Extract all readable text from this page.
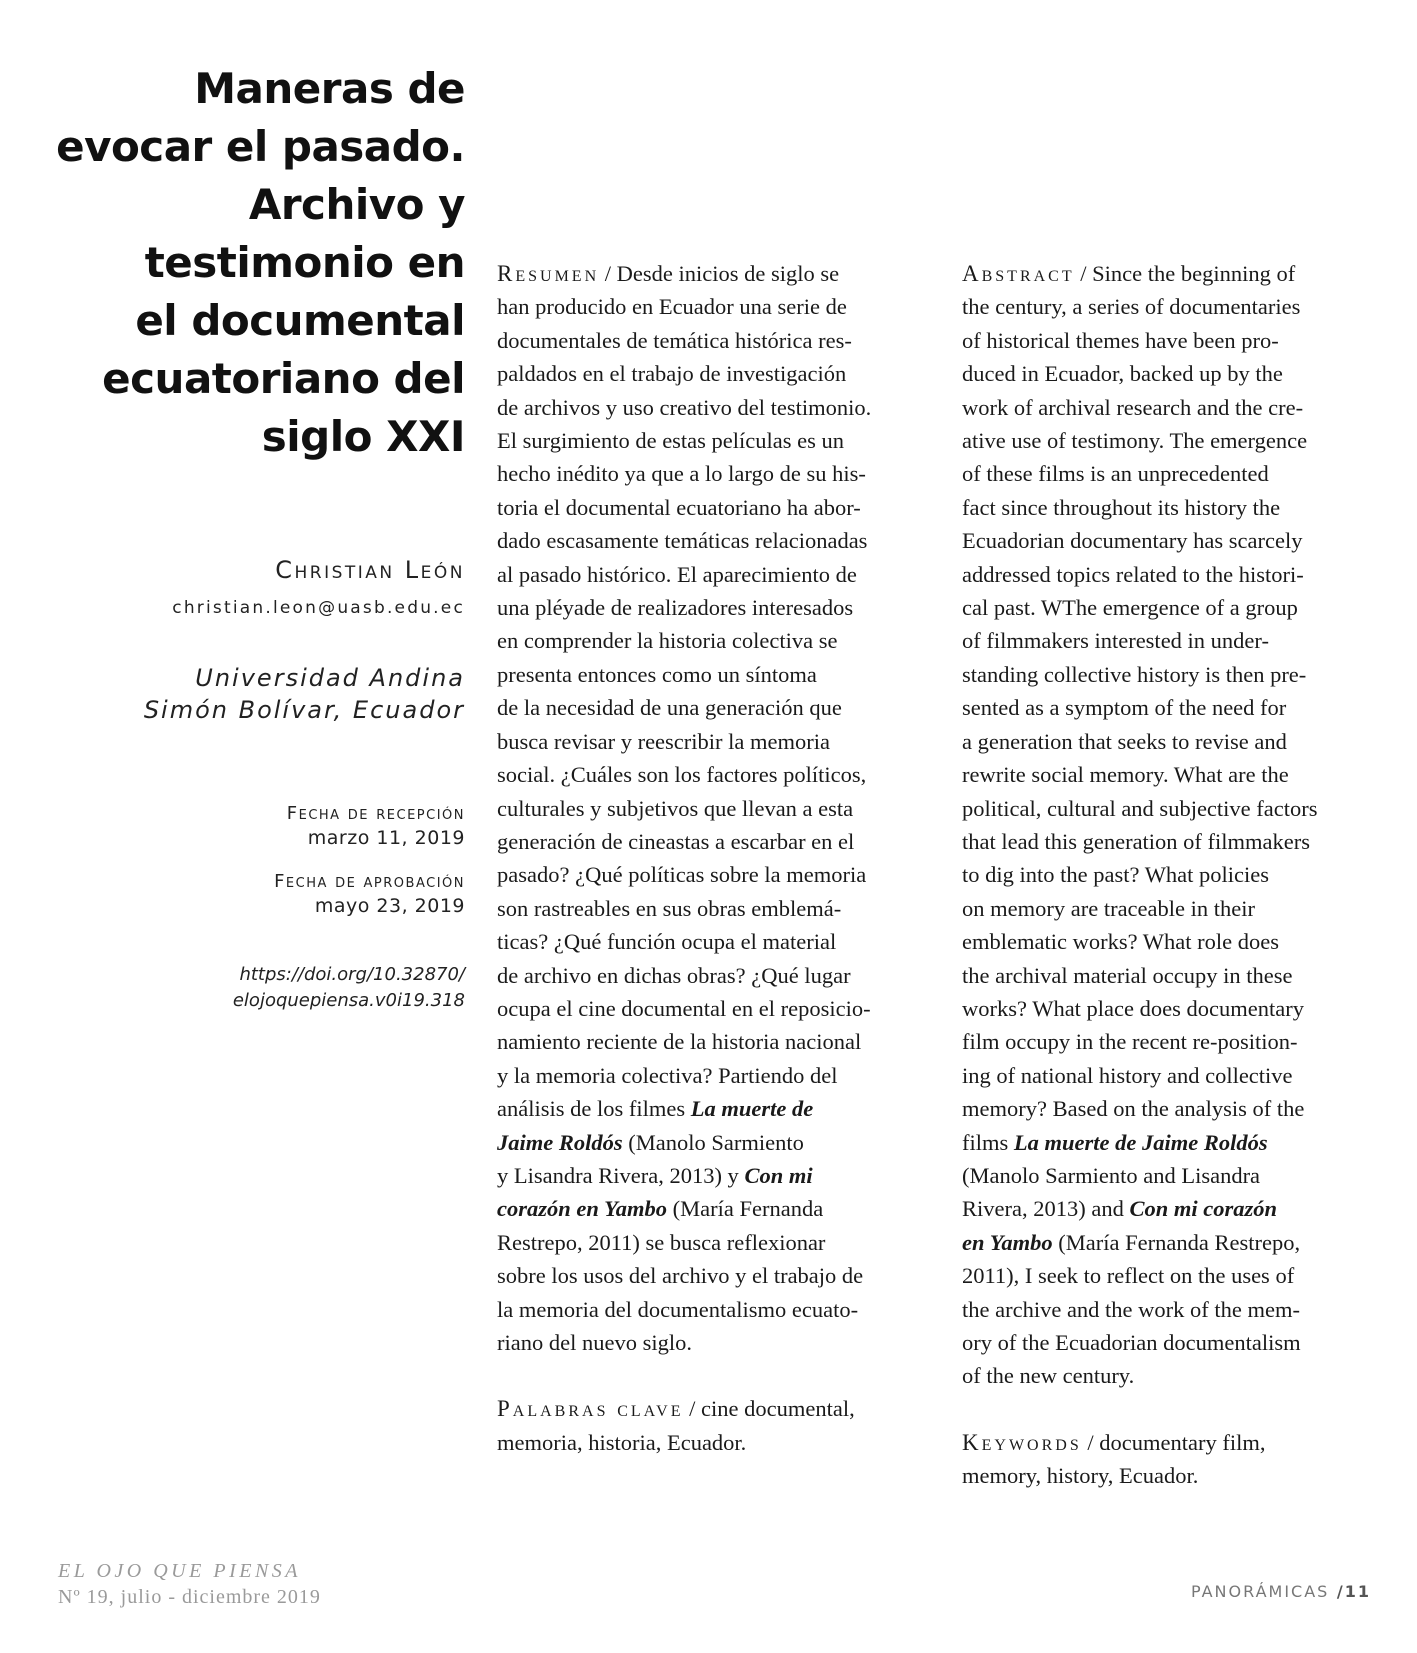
Maneras de
evocar el pasado.
Archivo y
testimonio en
el documental
ecuatoriano del
siglo XXI
Christian León
christian.leon@uasb.edu.ec
Universidad Andina
Simón Bolívar, Ecuador
Fecha de recepción
marzo 11, 2019
Fecha de aprobación
mayo 23, 2019
https://doi.org/10.32870/
elojoquepiensa.v0i19.318

Resumen / Desde inicios de siglo se
han producido en Ecuador una serie de
documentales de temática histórica res-
paldados en el trabajo de investigación
de archivos y uso creativo del testimonio.
El surgimiento de estas películas es un
hecho inédito ya que a lo largo de su his-
toria el documental ecuatoriano ha abor-
dado escasamente temáticas relacionadas
al pasado histórico. El aparecimiento de
una pléyade de realizadores interesados
en comprender la historia colectiva se
presenta entonces como un síntoma
de la necesidad de una generación que
busca revisar y reescribir la memoria
social. ¿Cuáles son los factores políticos,
culturales y subjetivos que llevan a esta
generación de cineastas a escarbar en el
pasado? ¿Qué políticas sobre la memoria
son rastreables en sus obras emblemá-
ticas? ¿Qué función ocupa el material
de archivo en dichas obras? ¿Qué lugar
ocupa el cine documental en el reposicio-
namiento reciente de la historia nacional
y la memoria colectiva? Partiendo del
análisis de los filmes La muerte de
Jaime Roldós (Manolo Sarmiento
y Lisandra Rivera, 2013) y Con mi
corazón en Yambo (María Fernanda
Restrepo, 2011) se busca reflexionar
sobre los usos del archivo y el trabajo de
la memoria del documentalismo ecuato-
riano del nuevo siglo.

Palabras clave / cine documental,
memoria, historia, Ecuador.

Abstract / Since the beginning of
the century, a series of documentaries
of historical themes have been pro-
duced in Ecuador, backed up by the
work of archival research and the cre-
ative use of testimony. The emergence
of these films is an unprecedented
fact since throughout its history the
Ecuadorian documentary has scarcely
addressed topics related to the histori-
cal past. WThe emergence of a group
of filmmakers interested in under-
standing collective history is then pre-
sented as a symptom of the need for
a generation that seeks to revise and
rewrite social memory. What are the
political, cultural and subjective factors
that lead this generation of filmmakers
to dig into the past? What policies
on memory are traceable in their
emblematic works? What role does
the archival material occupy in these
works? What place does documentary
film occupy in the recent re-position-
ing of national history and collective
memory? Based on the analysis of the
films La muerte de Jaime Roldós
(Manolo Sarmiento and Lisandra
Rivera, 2013) and Con mi corazón
en Yambo (María Fernanda Restrepo,
2011), I seek to reflect on the uses of
the archive and the work of the mem-
ory of the Ecuadorian documentalism
of the new century.

Keywords / documentary film,
memory, history, Ecuador.

EL OJO QUE PIENSA
Nº 19, julio - diciembre 2019	PANORÁMICAS /11
